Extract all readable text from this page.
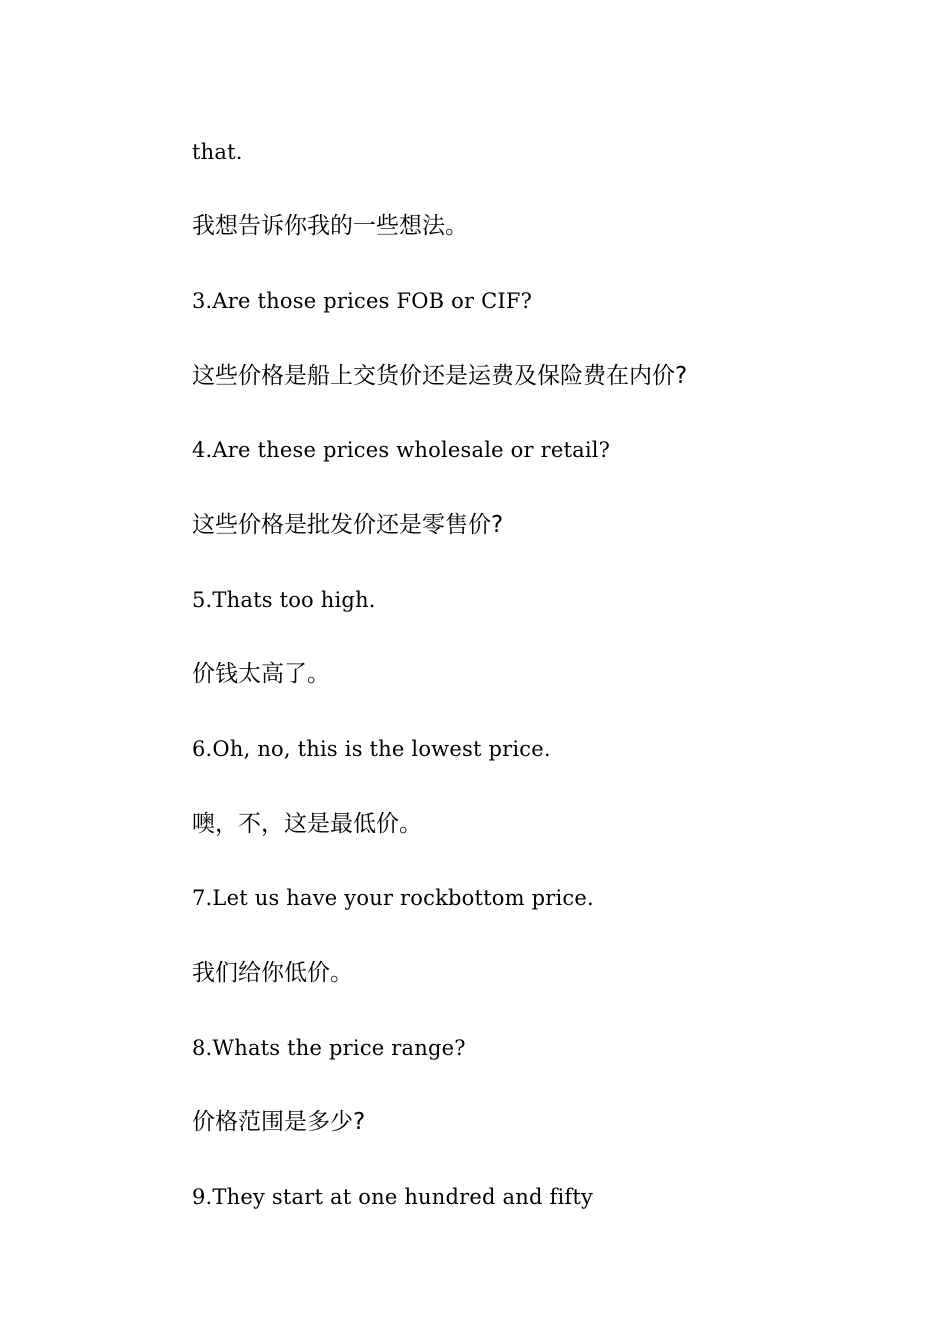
that.

我想告诉你我的一些想法。

3.Are those prices FOB or CIF?

这些价格是船上交货价还是运费及保险费在内价?

4.Are these prices wholesale or retail?

这些价格是批发价还是零售价?

5.Thats too high.

价钱太高了。

6.Oh, no, this is the lowest price.

噢，不，这是最低价。

7.Let us have your rockbottom price.

我们给你低价。

8.Whats the price range?

价格范围是多少?

9.They start at one hundred and fifty
